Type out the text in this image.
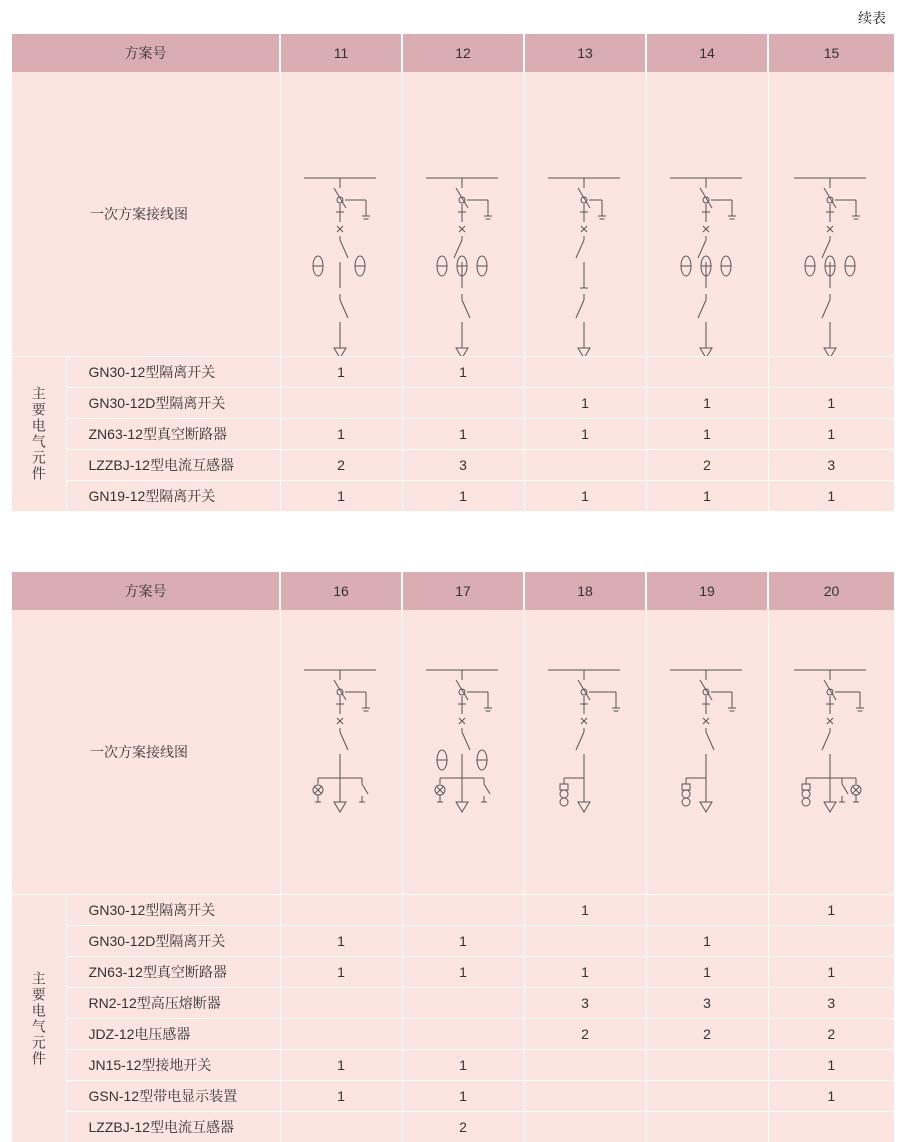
续表
方案号		11	12	13	14	15
一次方案接线图	

主要电气元件	GN30-12型隔离开关	1	1			
	GN30-12D型隔离开关			1	1	1
	ZN63-12型真空断路器	1	1	1	1	1
	LZZBJ-12型电流互感器	2	3		2	3
	GN19-12型隔离开关	1	1	1	1	1
方案号		16	17	18	19	20
一次方案接线图	

主要电气元件	GN30-12型隔离开关			1		1
	GN30-12D型隔离开关	1	1		1	
	ZN63-12型真空断路器	1	1	1	1	1
	RN2-12型高压熔断器			3	3	3
	JDZ-12电压感器			2	2	2
	JN15-12型接地开关	1	1			1
	GSN-12型带电显示装置	1	1			1
	LZZBJ-12型电流互感器		2			
